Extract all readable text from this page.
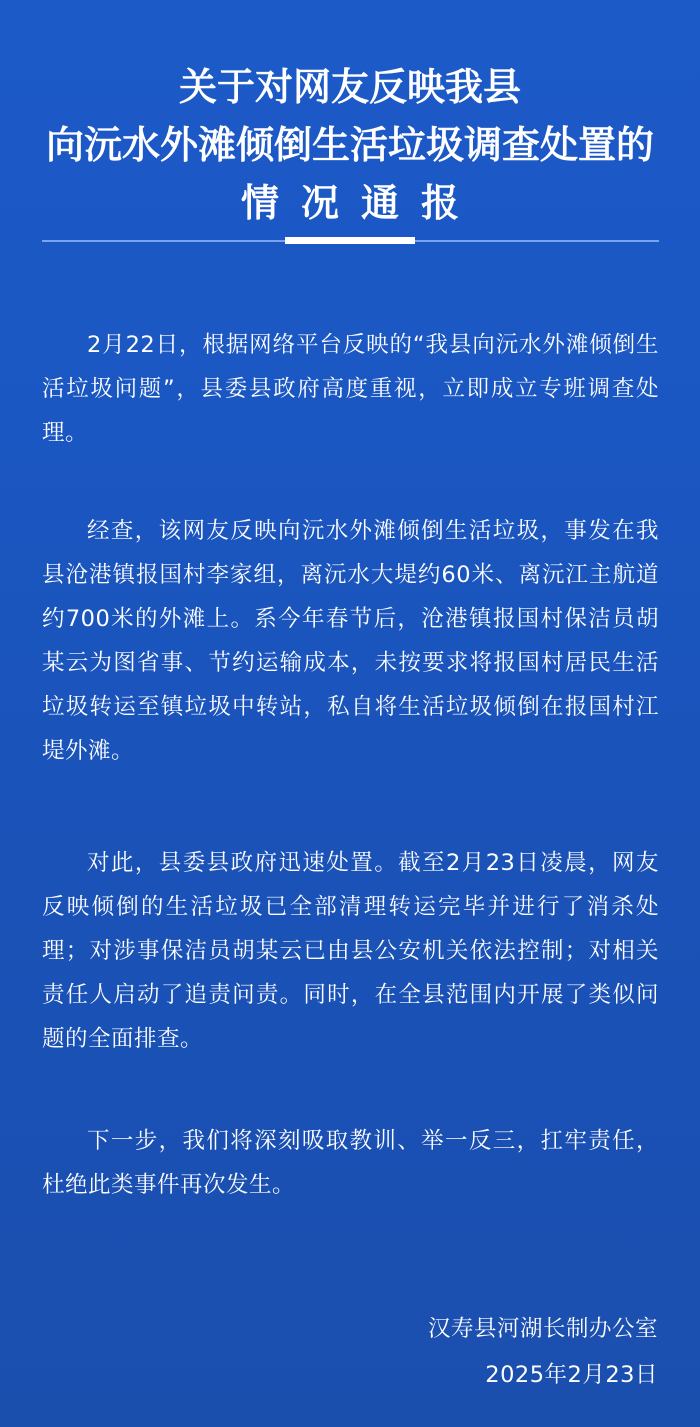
关于对网友反映我县
向沅水外滩倾倒生活垃圾调查处置的
情况通报

2月22日，根据网络平台反映的“我县向沅水外滩倾倒生活垃圾问题”，县委县政府高度重视，立即成立专班调查处理。

经查，该网友反映向沅水外滩倾倒生活垃圾，事发在我县沧港镇报国村李家组，离沅水大堤约60米、离沅江主航道约700米的外滩上。系今年春节后，沧港镇报国村保洁员胡某云为图省事、节约运输成本，未按要求将报国村居民生活垃圾转运至镇垃圾中转站，私自将生活垃圾倾倒在报国村江堤外滩。

对此，县委县政府迅速处置。截至2月23日凌晨，网友反映倾倒的生活垃圾已全部清理转运完毕并进行了消杀处理；对涉事保洁员胡某云已由县公安机关依法控制；对相关责任人启动了追责问责。同时，在全县范围内开展了类似问题的全面排查。

下一步，我们将深刻吸取教训、举一反三，扛牢责任，杜绝此类事件再次发生。

汉寿县河湖长制办公室
2025年2月23日
